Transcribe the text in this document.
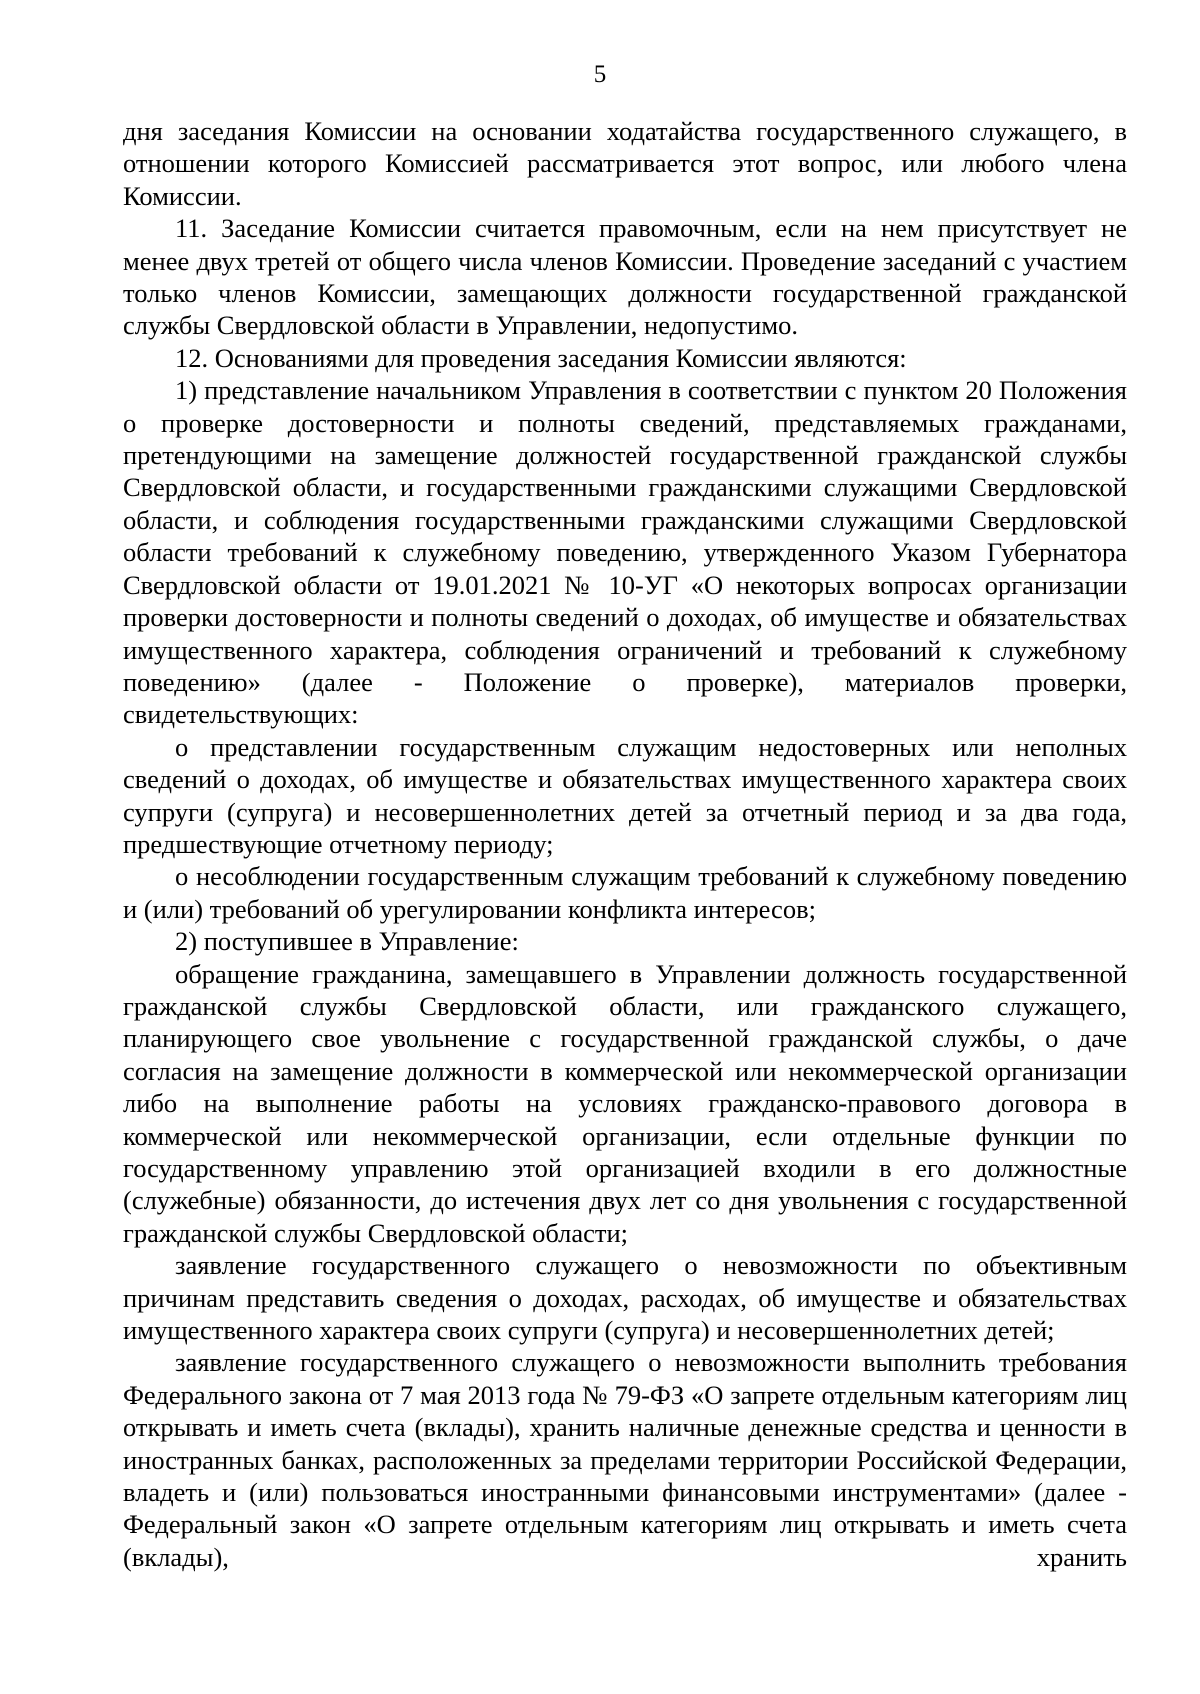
5

дня заседания Комиссии на основании ходатайства государственного служащего, в отношении которого Комиссией рассматривается этот вопрос, или любого члена Комиссии.

11. Заседание Комиссии считается правомочным, если на нем присутствует не менее двух третей от общего числа членов Комиссии. Проведение заседаний с участием только членов Комиссии, замещающих должности государственной гражданской службы Свердловской области в Управлении, недопустимо.

12. Основаниями для проведения заседания Комиссии являются:

1) представление начальником Управления в соответствии с пунктом 20 Положения о проверке достоверности и полноты сведений, представляемых гражданами, претендующими на замещение должностей государственной гражданской службы Свердловской области, и государственными гражданскими служащими Свердловской области, и соблюдения государственными гражданскими служащими Свердловской области требований к служебному поведению, утвержденного Указом Губернатора Свердловской области от 19.01.2021 № 10-УГ «О некоторых вопросах организации проверки достоверности и полноты сведений о доходах, об имуществе и обязательствах имущественного характера, соблюдения ограничений и требований к служебному поведению» (далее - Положение о проверке), материалов проверки, свидетельствующих:

о представлении государственным служащим недостоверных или неполных сведений о доходах, об имуществе и обязательствах имущественного характера своих супруги (супруга) и несовершеннолетних детей за отчетный период и за два года, предшествующие отчетному периоду;

о несоблюдении государственным служащим требований к служебному поведению и (или) требований об урегулировании конфликта интересов;

2) поступившее в Управление:

обращение гражданина, замещавшего в Управлении должность государственной гражданской службы Свердловской области, или гражданского служащего, планирующего свое увольнение с государственной гражданской службы, о даче согласия на замещение должности в коммерческой или некоммерческой организации либо на выполнение работы на условиях гражданско-правового договора в коммерческой или некоммерческой организации, если отдельные функции по государственному управлению этой организацией входили в его должностные (служебные) обязанности, до истечения двух лет со дня увольнения с государственной гражданской службы Свердловской области;

заявление государственного служащего о невозможности по объективным причинам представить сведения о доходах, расходах, об имуществе и обязательствах имущественного характера своих супруги (супруга) и несовершеннолетних детей;

заявление государственного служащего о невозможности выполнить требования Федерального закона от 7 мая 2013 года № 79-ФЗ «О запрете отдельным категориям лиц открывать и иметь счета (вклады), хранить наличные денежные средства и ценности в иностранных банках, расположенных за пределами территории Российской Федерации, владеть и (или) пользоваться иностранными финансовыми инструментами» (далее - Федеральный закон «О запрете отдельным категориям лиц открывать и иметь счета (вклады), хранить
